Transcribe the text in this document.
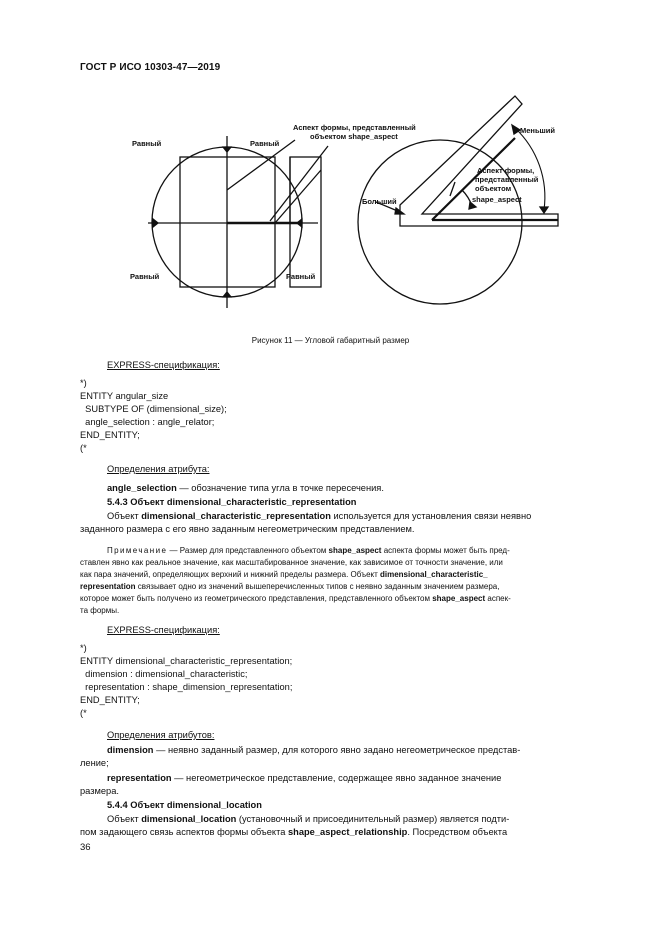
ГОСТ Р ИСО 10303-47—2019
Равный	Равный
Равный	Равный
Аспект формы, представленный
объектом shape_aspect
Меньший
Больший
Аспект формы,
представленный
объектом
shape_aspect
Рисунок 11 — Угловой габаритный размер
EXPRESS-спецификация:
*)
ENTITY angular_size
SUBTYPE OF (dimensional_size);
angle_selection : angle_relator;
END_ENTITY;
(*
Определения атрибута:
angle_selection — обозначение типа угла в точке пересечения.
5.4.3 Объект dimensional_characteristic_representation
Объект dimensional_characteristic_representation используется для установления связи неявно
заданного размера с его явно заданным негеометрическим представлением.
Примечание — Размер для представленного объектом shape_aspect аспекта формы может быть пред-
ставлен явно как реальное значение, как масштабированное значение, как зависимое от точности значение, или
как пара значений, определяющих верхний и нижний пределы размера. Объект dimensional_characteristic_
representation связывает одно из значений вышеперечисленных типов с неявно заданным значением размера,
которое может быть получено из геометрического представления, представленного объектом shape_aspect аспек-
та формы.
EXPRESS-спецификация:
*)
ENTITY dimensional_characteristic_representation;
dimension : dimensional_characteristic;
representation : shape_dimension_representation;
END_ENTITY;
(*
Определения атрибутов:
dimension — неявно заданный размер, для которого явно задано негеометрическое представ-
ление;
representation — негеометрическое представление, содержащее явно заданное значение
размера.
5.4.4 Объект dimensional_location
Объект dimensional_location (установочный и присоединительный размер) является подти-
пом задающего связь аспектов формы объекта shape_aspect_relationship. Посредством объекта
36
